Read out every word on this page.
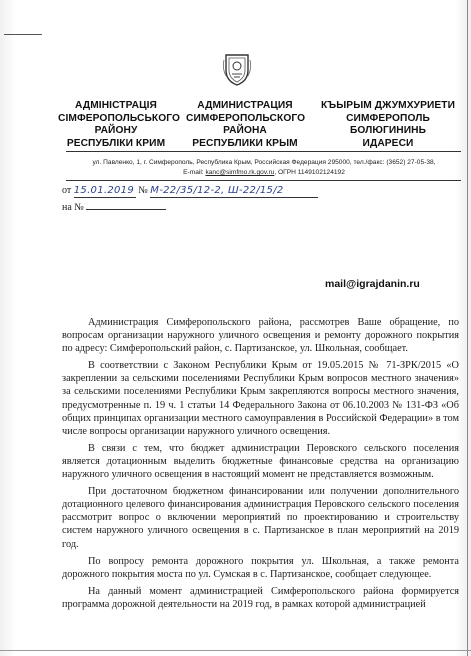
АДМІНІСТРАЦІЯ
СІМФЕРОПОЛЬСЬКОГО
РАЙОНУ
РЕСПУБЛІКИ КРИМ
АДМИНИСТРАЦИЯ
СИМФЕРОПОЛЬСКОГО
РАЙОНА
РЕСПУБЛИКИ КРЫМ
КЪЫРЫМ ДЖУМХУРИЕТИ
СИМФЕРОПОЛЬ
БОЛЮГИНИНЬ
ИДАРЕСИ
ул. Павленко, 1, г. Симферополь, Республика Крым, Российская Федерация 295000, тел./факс: (3652) 27-05-38,
E-mail: kanc@simfmo.rk.gov.ru, ОГРН 1149102124192
от 15.01.2019 № M-22/35/12-2, Ш-22/15/2
на №
mail@igrajdanin.ru

Администрация Симферопольского района, рассмотрев Ваше обращение, по вопросам организации наружного уличного освещения и ремонту дорожного покрытия по адресу: Симферопольский район, с. Партизанское, ул. Школьная, сообщает.

В соответствии с Законом Республики Крым от 19.05.2015 № 71-ЗРК/2015 «О закреплении за сельскими поселениями Республики Крым вопросов местного значения» за сельскими поселениями Республики Крым закрепляются вопросы местного значения, предусмотренные п. 19 ч. 1 статьи 14 Федерального Закона от 06.10.2003 № 131-ФЗ «Об общих принципах организации местного самоуправления в Российской Федерации» в том числе вопросы организации наружного уличного освещения.

В связи с тем, что бюджет администрации Перовского сельского поселения является дотационным выделить бюджетные финансовые средства на организацию наружного уличного освещения в настоящий момент не представляется возможным.

При достаточном бюджетном финансировании или получении дополнительного дотационного целевого финансирования администрация Перовского сельского поселения рассмотрит вопрос о включении мероприятий по проектированию и строительству систем наружного уличного освещения в с. Партизанское в план мероприятий на 2019 год.

По вопросу ремонта дорожного покрытия ул. Школьная, а также ремонта дорожного покрытия моста по ул. Сумская в с. Партизанское, сообщает следующее.

На данный момент администрацией Симферопольского района формируется программа дорожной деятельности на 2019 год, в рамках которой администрацией
